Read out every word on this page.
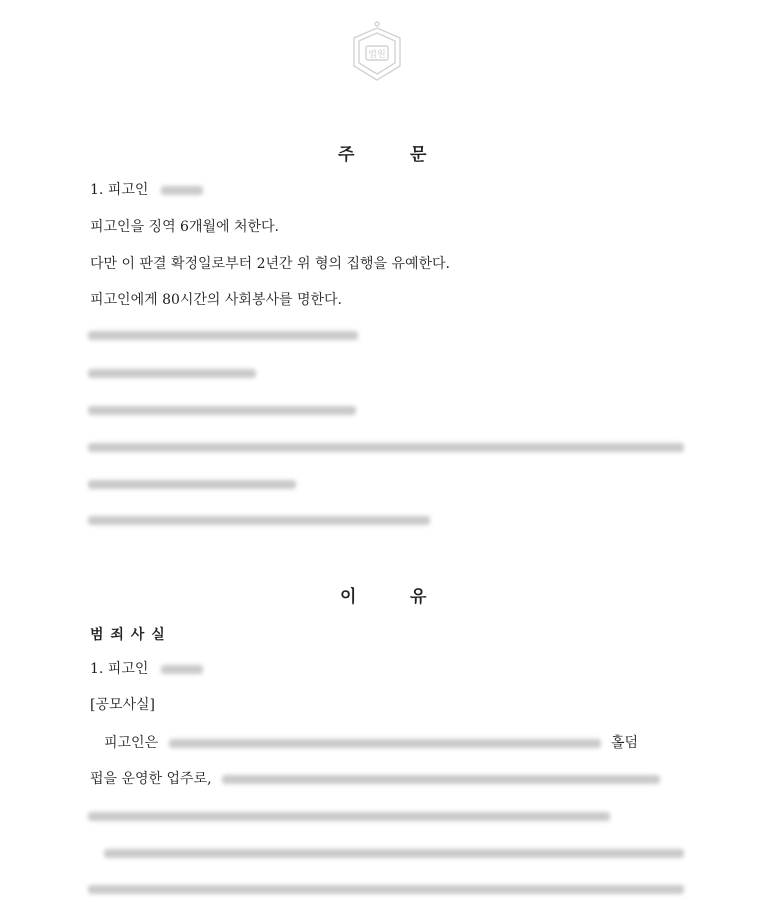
법원
주	문
1. 피고인
피고인을 징역 6개월에 처한다.
다만 이 판결 확정일로부터 2년간 위 형의 집행을 유예한다.
피고인에게 80시간의 사회봉사를 명한다.
이	유
범 죄 사 실
1. 피고인
[공모사실]
피고인은	홀덤
펍을 운영한 업주로,
